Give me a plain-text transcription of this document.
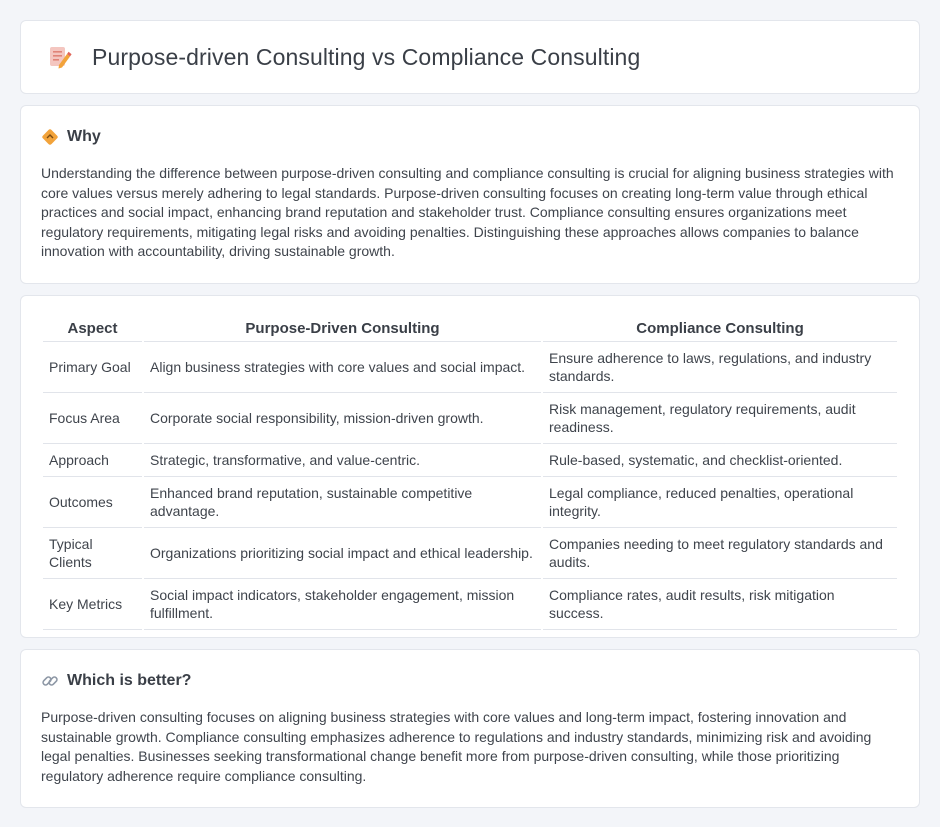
Purpose-driven Consulting vs Compliance Consulting
Why

Understanding the difference between purpose-driven consulting and compliance consulting is crucial for aligning business strategies with core values versus merely adhering to legal standards. Purpose-driven consulting focuses on creating long-term value through ethical practices and social impact, enhancing brand reputation and stakeholder trust. Compliance consulting ensures organizations meet regulatory requirements, mitigating legal risks and avoiding penalties. Distinguishing these approaches allows companies to balance innovation with accountability, driving sustainable growth.

Aspect	Purpose-Driven Consulting	Compliance Consulting
Primary Goal	Align business strategies with core values and social impact.	Ensure adherence to laws, regulations, and industry standards.
Focus Area	Corporate social responsibility, mission-driven growth.	Risk management, regulatory requirements, audit readiness.
Approach	Strategic, transformative, and value-centric.	Rule-based, systematic, and checklist-oriented.
Outcomes	Enhanced brand reputation, sustainable competitive advantage.	Legal compliance, reduced penalties, operational integrity.
Typical Clients	Organizations prioritizing social impact and ethical leadership.	Companies needing to meet regulatory standards and audits.
Key Metrics	Social impact indicators, stakeholder engagement, mission fulfillment.	Compliance rates, audit results, risk mitigation success.
Which is better?

Purpose-driven consulting focuses on aligning business strategies with core values and long-term impact, fostering innovation and sustainable growth. Compliance consulting emphasizes adherence to regulations and industry standards, minimizing risk and avoiding legal penalties. Businesses seeking transformational change benefit more from purpose-driven consulting, while those prioritizing regulatory adherence require compliance consulting.
